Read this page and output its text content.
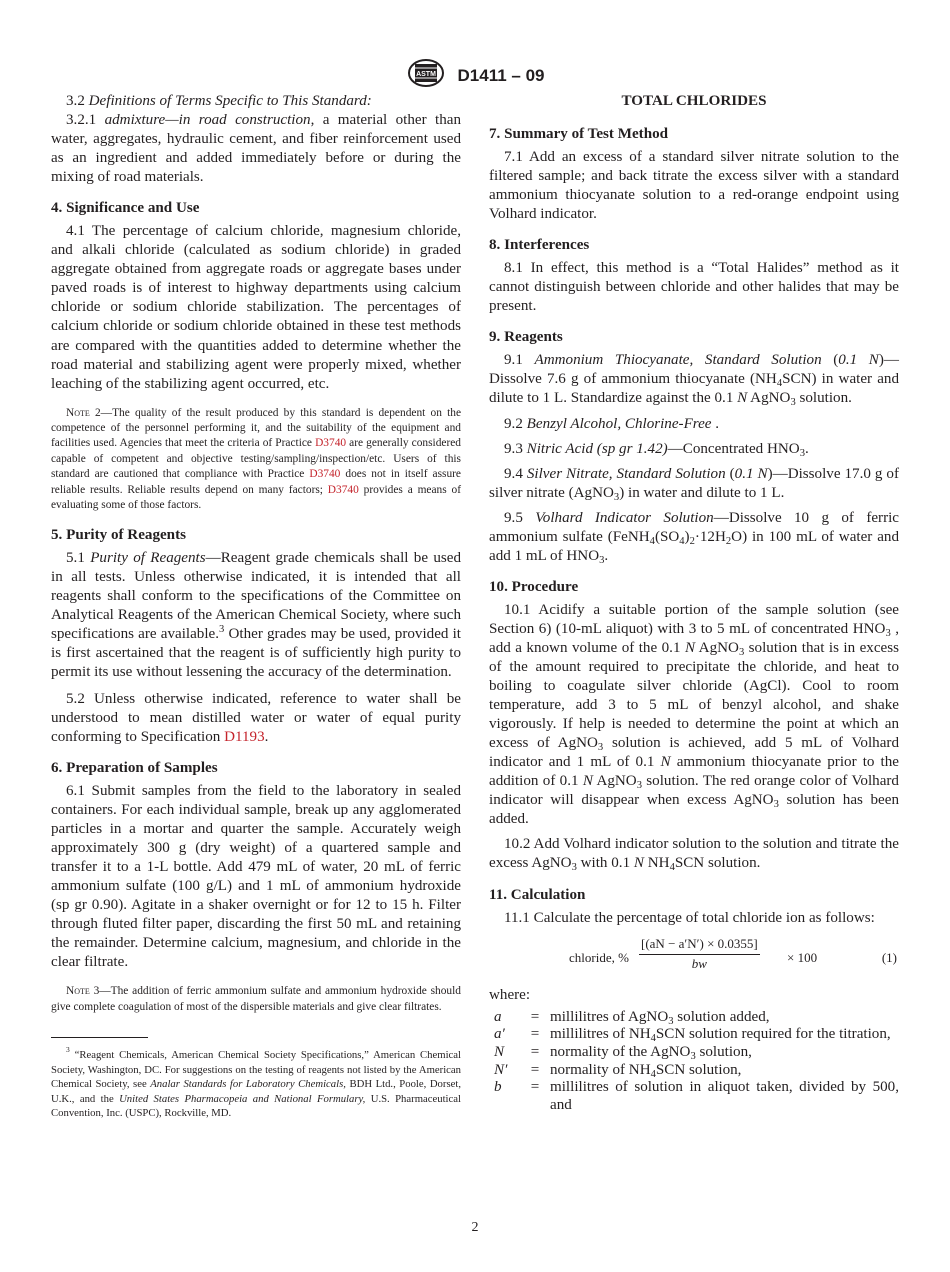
ASTM D1411 – 09

3.2 Definitions of Terms Specific to This Standard:

3.2.1 admixture—in road construction, a material other than water, aggregates, hydraulic cement, and fiber reinforcement used as an ingredient and added immediately before or during the mixing of road materials.

4. Significance and Use

4.1 The percentage of calcium chloride, magnesium chloride, and alkali chloride (calculated as sodium chloride) in graded aggregate obtained from aggregate roads or aggregate bases under paved roads is of interest to highway departments using calcium chloride or sodium chloride stabilization. The percentages of calcium chloride or sodium chloride obtained in these test methods are compared with the quantities added to determine whether the road material and stabilizing agent were properly mixed, whether leaching of the stabilizing agent occurred, etc.

Note 2—The quality of the result produced by this standard is dependent on the competence of the personnel performing it, and the suitability of the equipment and facilities used. Agencies that meet the criteria of Practice D3740 are generally considered capable of competent and objective testing/sampling/inspection/etc. Users of this standard are cautioned that compliance with Practice D3740 does not in itself assure reliable results. Reliable results depend on many factors; D3740 provides a means of evaluating some of those factors.

5. Purity of Reagents

5.1 Purity of Reagents—Reagent grade chemicals shall be used in all tests. Unless otherwise indicated, it is intended that all reagents shall conform to the specifications of the Committee on Analytical Reagents of the American Chemical Society, where such specifications are available.$^3$ Other grades may be used, provided it is first ascertained that the reagent is of sufficiently high purity to permit its use without lessening the accuracy of the determination.

5.2 Unless otherwise indicated, reference to water shall be understood to mean distilled water or water of equal purity conforming to Specification D1193.

6. Preparation of Samples

6.1 Submit samples from the field to the laboratory in sealed containers. For each individual sample, break up any agglomerated particles in a mortar and quarter the sample. Accurately weigh approximately 300 g (dry weight) of a quartered sample and transfer it to a 1-L bottle. Add 479 mL of water, 20 mL of ferric ammonium sulfate (100 g/L) and 1 mL of ammonium hydroxide (sp gr 0.90). Agitate in a shaker overnight or for 12 to 15 h. Filter through fluted filter paper, discarding the first 50 mL and retaining the remainder. Determine calcium, magnesium, and chloride in the clear filtrate.

Note 3—The addition of ferric ammonium sulfate and ammonium hydroxide should give complete coagulation of most of the dispersible materials and give clear filtrates.

$^3$ “Reagent Chemicals, American Chemical Society Specifications,” American Chemical Society, Washington, DC. For suggestions on the testing of reagents not listed by the American Chemical Society, see Analar Standards for Laboratory Chemicals, BDH Ltd., Poole, Dorset, U.K., and the United States Pharmacopeia and National Formulary, U.S. Pharmaceutical Convention, Inc. (USPC), Rockville, MD.

TOTAL CHLORIDES

7. Summary of Test Method

7.1 Add an excess of a standard silver nitrate solution to the filtered sample; and back titrate the excess silver with a standard ammonium thiocyanate solution to a red-orange endpoint using Volhard indicator.

8. Interferences

8.1 In effect, this method is a “Total Halides” method as it cannot distinguish between chloride and other halides that may be present.

9. Reagents

9.1 Ammonium Thiocyanate, Standard Solution (0.1 N)—Dissolve 7.6 g of ammonium thiocyanate $(NH_4SCN)$ in water and dilute to 1 L. Standardize against the 0.1 N AgNO$_3$ solution.

9.2 Benzyl Alcohol, Chlorine-Free .

9.3 Nitric Acid (sp gr 1.42)—Concentrated $HNO_3$.

9.4 Silver Nitrate, Standard Solution (0.1 N)—Dissolve 17.0 g of silver nitrate (AgNO$_3$) in water and dilute to 1 L.

9.5 Volhard Indicator Solution—Dissolve 10 g of ferric ammonium sulfate $(FeNH_4(SO_4)_2\cdot 12H_2O)$ in 100 mL of water and add 1 mL of $HNO_3$.

10. Procedure

10.1 Acidify a suitable portion of the sample solution (see Section 6) (10-mL aliquot) with 3 to 5 mL of concentrated $HNO_3$ , add a known volume of the 0.1 N AgNO$_3$ solution that is in excess of the amount required to precipitate the chloride, and heat to boiling to coagulate silver chloride (AgCl). Cool to room temperature, add 3 to 5 mL of benzyl alcohol, and shake vigorously. If help is needed to determine the point at which an excess of AgNO$_3$ solution is achieved, add 5 mL of Volhard indicator and 1 mL of 0.1 N ammonium thiocyanate prior to the addition of 0.1 N AgNO$_3$ solution. The red orange color of Volhard indicator will disappear when excess AgNO$_3$ solution has been added.

10.2 Add Volhard indicator solution to the solution and titrate the excess AgNO$_3$ with 0.1 N $NH_4SCN$ solution.

11. Calculation

11.1 Calculate the percentage of total chloride ion as follows:

chloride, % $\frac{[(aN - a'N') \times 0.0355]}{bw} \times 100$	(1)

where:

a	=	millilitres of AgNO$_3$ solution added,
a′	=	millilitres of $NH_4SCN$ solution required for the titration,
N	=	normality of the AgNO$_3$ solution,
N′	=	normality of $NH_4SCN$ solution,
b	=	millilitres of solution in aliquot taken, divided by 500, and
2
